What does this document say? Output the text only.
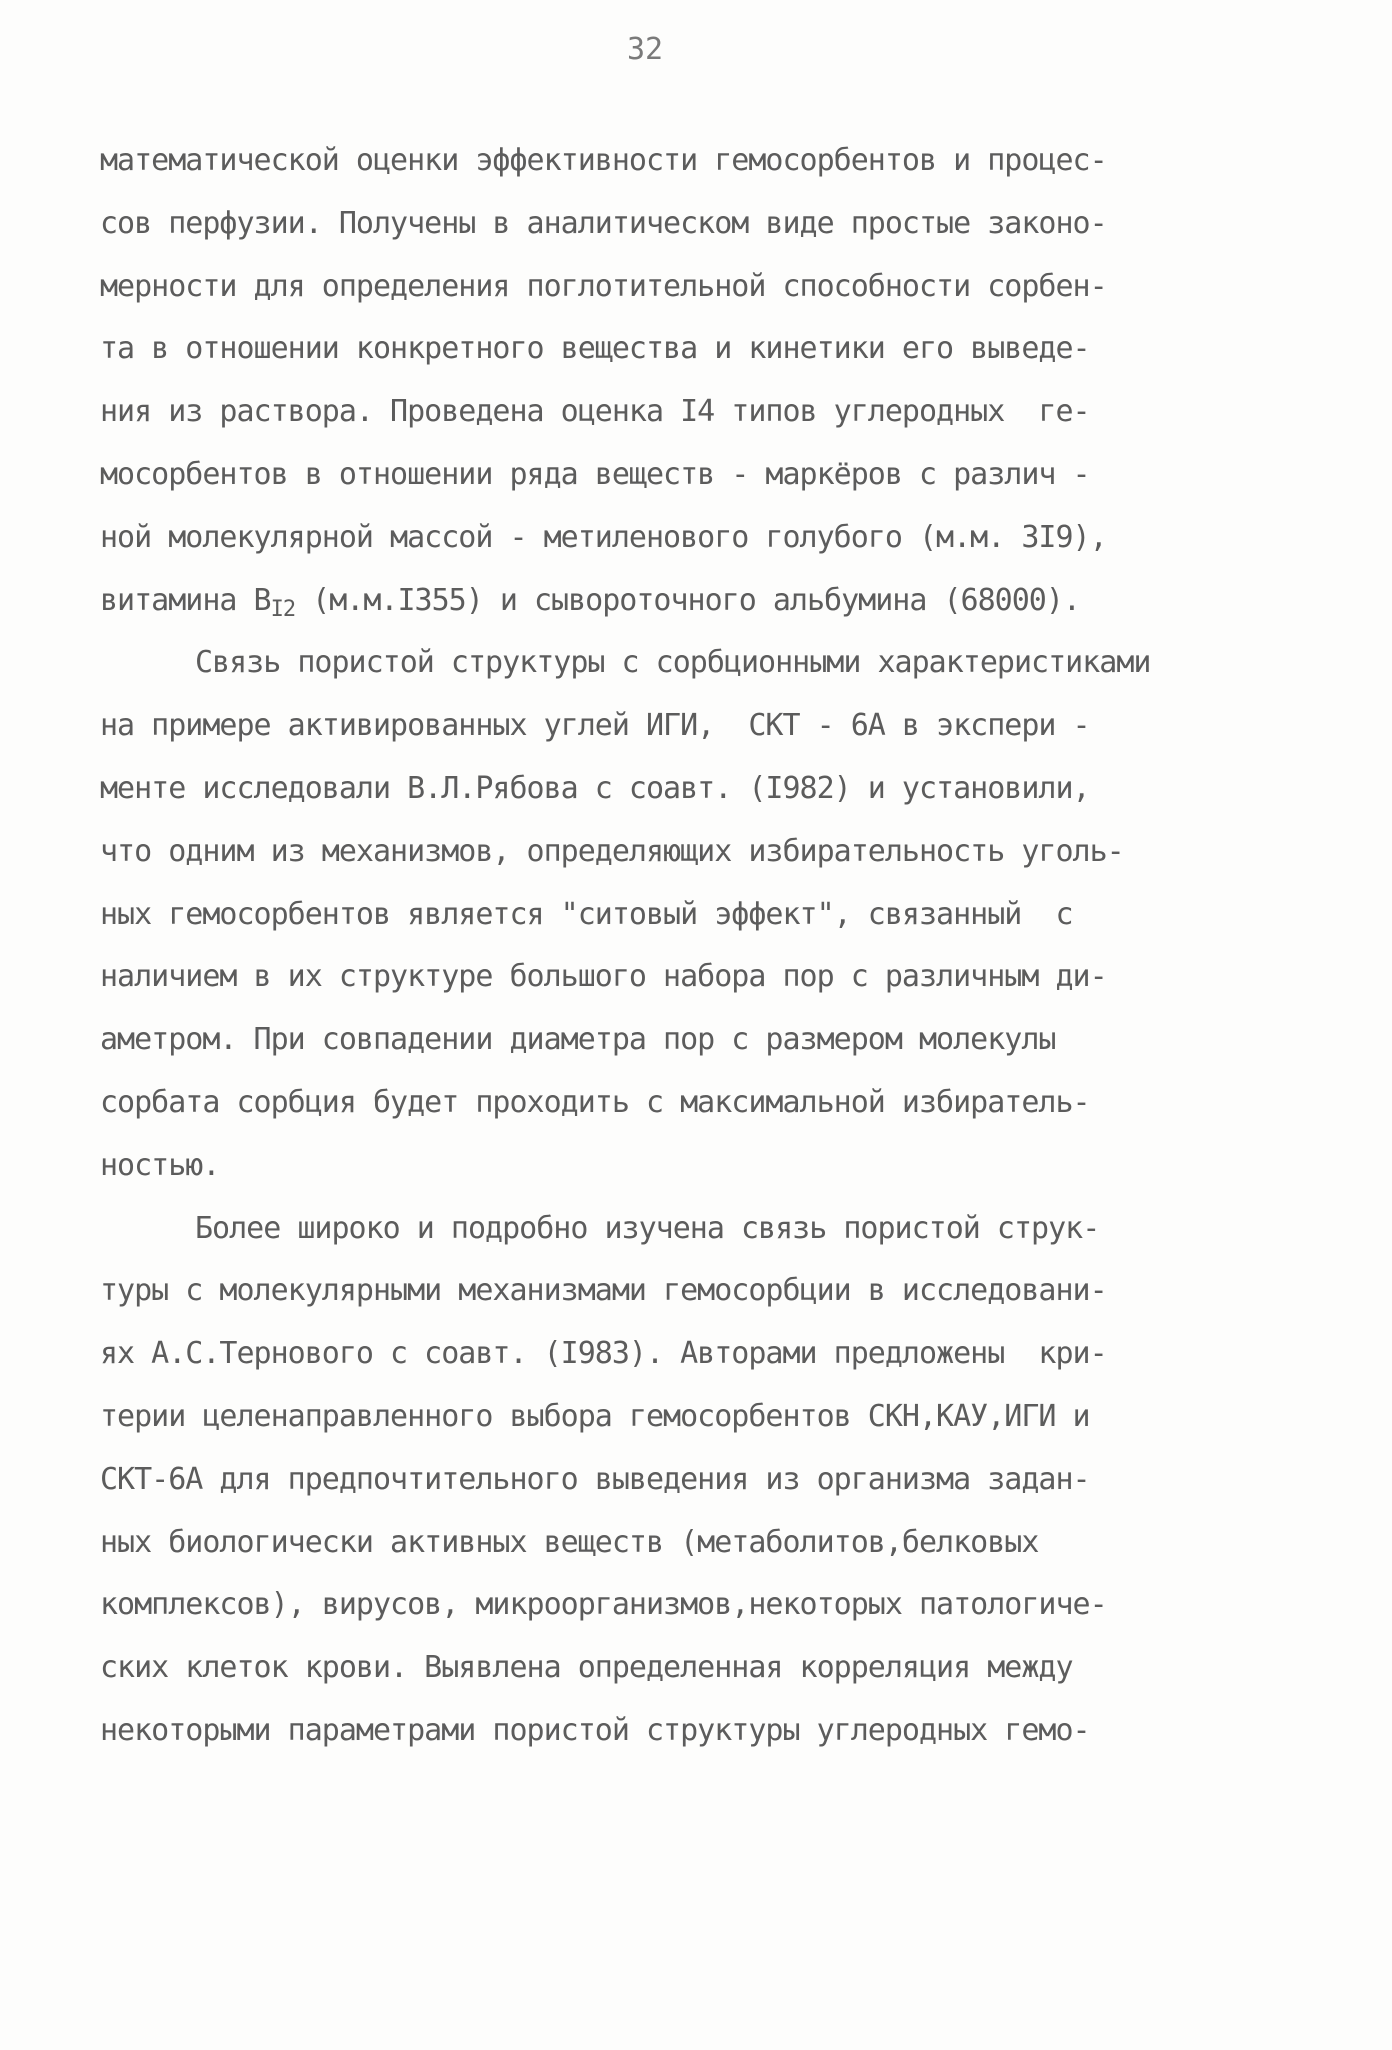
32
математической оценки эффективности гемосорбентов и процес-
сов перфузии. Получены в аналитическом виде простые законо-
мерности для определения поглотительной способности сорбен-
та в отношении конкретного вещества и кинетики его выведе-
ния из раствора. Проведена оценка I4 типов углеродных  ге-
мосорбентов в отношении ряда веществ - маркёров с различ -
ной молекулярной массой - метиленового голубого (м.м. 3I9),
витамина $B_{I2}$ (м.м.I355) и сывороточного альбумина (68000).
Связь пористой структуры с сорбционными характеристиками
на примере активированных углей ИГИ,  СКТ - 6А в экспери -
менте исследовали В.Л.Рябова с соавт. (I982) и установили,
что одним из механизмов, определяющих избирательность уголь-
ных гемосорбентов является "ситовый эффект", связанный  с
наличием в их структуре большого набора пор с различным ди-
аметром. При совпадении диаметра пор с размером молекулы
сорбата сорбция будет проходить с максимальной избиратель-
ностью.
Более широко и подробно изучена связь пористой струк-
туры с молекулярными механизмами гемосорбции в исследовани-
ях А.С.Тернового с соавт. (I983). Авторами предложены  кри-
терии целенаправленного выбора гемосорбентов СКН,КАУ,ИГИ и
СКТ-6А для предпочтительного выведения из организма задан-
ных биологически активных веществ (метаболитов,белковых
комплексов), вирусов, микроорганизмов,некоторых патологиче-
ских клеток крови. Выявлена определенная корреляция между
некоторыми параметрами пористой структуры углеродных гемо-
